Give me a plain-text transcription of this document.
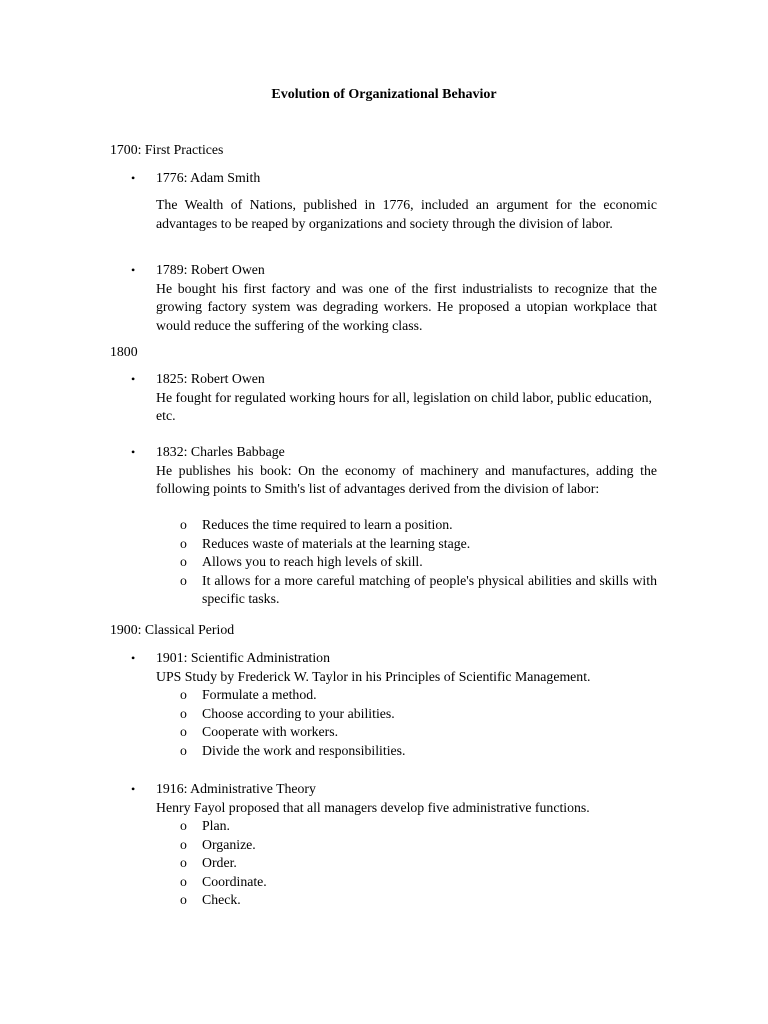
Evolution of Organizational Behavior
1700: First Practices
• 1776: Adam Smith

The Wealth of Nations, published in 1776, included an argument for the economic advantages to be reaped by organizations and society through the division of labor.

• 1789: Robert Owen

He bought his first factory and was one of the first industrialists to recognize that the growing factory system was degrading workers. He proposed a utopian workplace that would reduce the suffering of the working class.

1800
• 1825: Robert Owen

He fought for regulated working hours for all, legislation on child labor, public education, etc.

• 1832: Charles Babbage

He publishes his book: On the economy of machinery and manufactures, adding the following points to Smith's list of advantages derived from the division of labor:

o Reduces the time required to learn a position.
o Reduces waste of materials at the learning stage.
o Allows you to reach high levels of skill.
o It allows for a more careful matching of people's physical abilities and skills with specific tasks.
1900: Classical Period
• 1901: Scientific Administration

UPS Study by Frederick W. Taylor in his Principles of Scientific Management.

o Formulate a method.
o Choose according to your abilities.
o Cooperate with workers.
o Divide the work and responsibilities.
• 1916: Administrative Theory

Henry Fayol proposed that all managers develop five administrative functions.

o Plan.
o Organize.
o Order.
o Coordinate.
o Check.
